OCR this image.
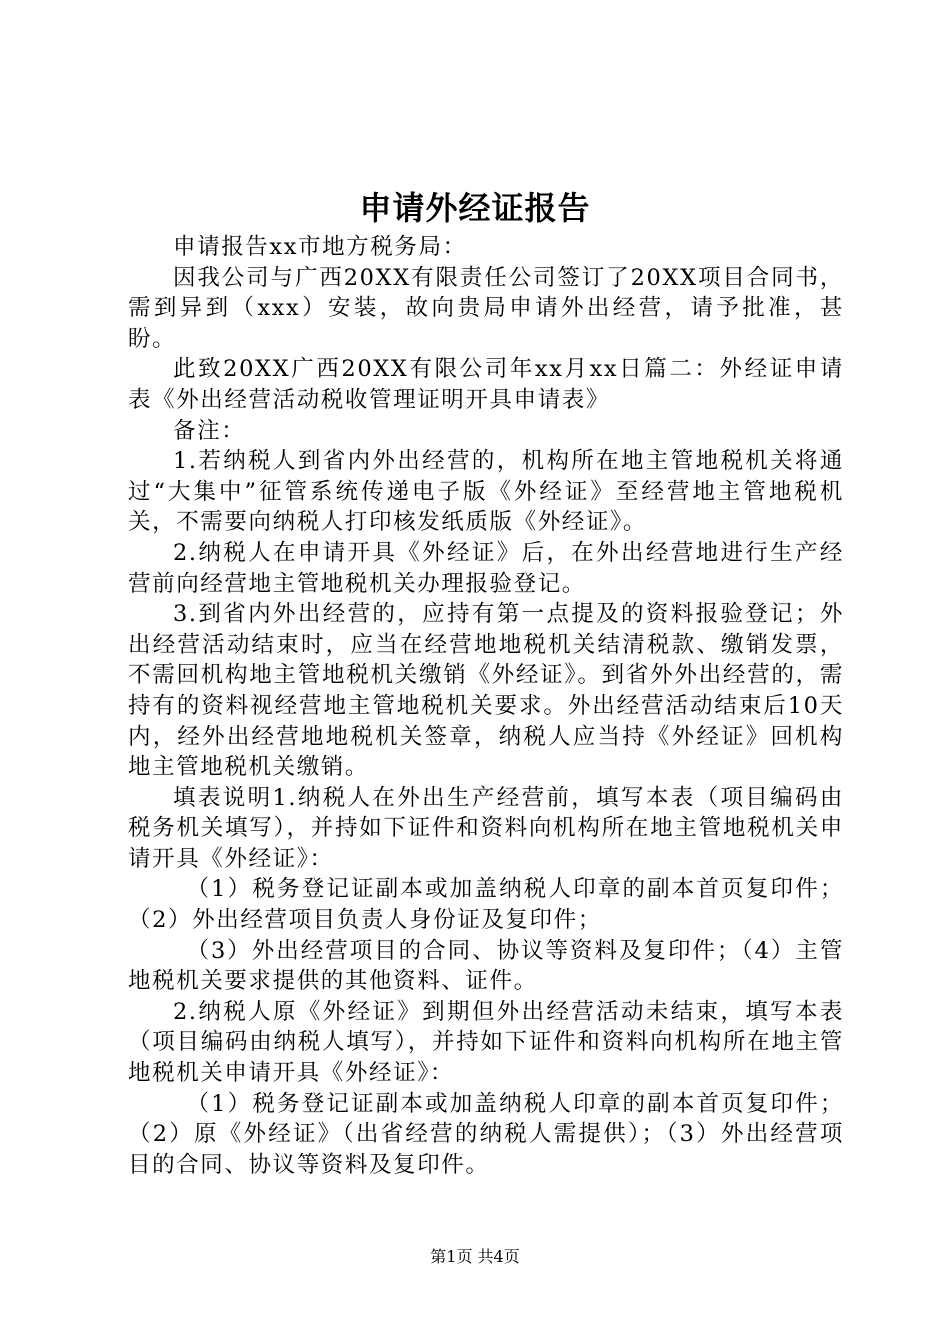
申请外经证报告

申请报告xx市地方税务局：

因我公司与广西20XX有限责任公司签订了20XX项目合同书，需到异到（xxx）安装，故向贵局申请外出经营，请予批准，甚盼。

此致20XX广西20XX有限公司年xx月xx日篇二：外经证申请表《外出经营活动税收管理证明开具申请表》

备注：

1.若纳税人到省内外出经营的，机构所在地主管地税机关将通过“大集中”征管系统传递电子版《外经证》至经营地主管地税机关，不需要向纳税人打印核发纸质版《外经证》。

2.纳税人在申请开具《外经证》后，在外出经营地进行生产经营前向经营地主管地税机关办理报验登记。

3.到省内外出经营的，应持有第一点提及的资料报验登记；外出经营活动结束时，应当在经营地地税机关结清税款、缴销发票，不需回机构地主管地税机关缴销《外经证》。到省外外出经营的，需持有的资料视经营地主管地税机关要求。外出经营活动结束后10天内，经外出经营地地税机关签章，纳税人应当持《外经证》回机构地主管地税机关缴销。

填表说明1.纳税人在外出生产经营前，填写本表（项目编码由税务机关填写），并持如下证件和资料向机构所在地主管地税机关申请开具《外经证》：

（1）税务登记证副本或加盖纳税人印章的副本首页复印件；（2）外出经营项目负责人身份证及复印件；

（3）外出经营项目的合同、协议等资料及复印件；（4）主管地税机关要求提供的其他资料、证件。

2.纳税人原《外经证》到期但外出经营活动未结束，填写本表（项目编码由纳税人填写），并持如下证件和资料向机构所在地主管地税机关申请开具《外经证》：

（1）税务登记证副本或加盖纳税人印章的副本首页复印件；（2）原《外经证》（出省经营的纳税人需提供）；（3）外出经营项目的合同、协议等资料及复印件。

第1页 共4页
